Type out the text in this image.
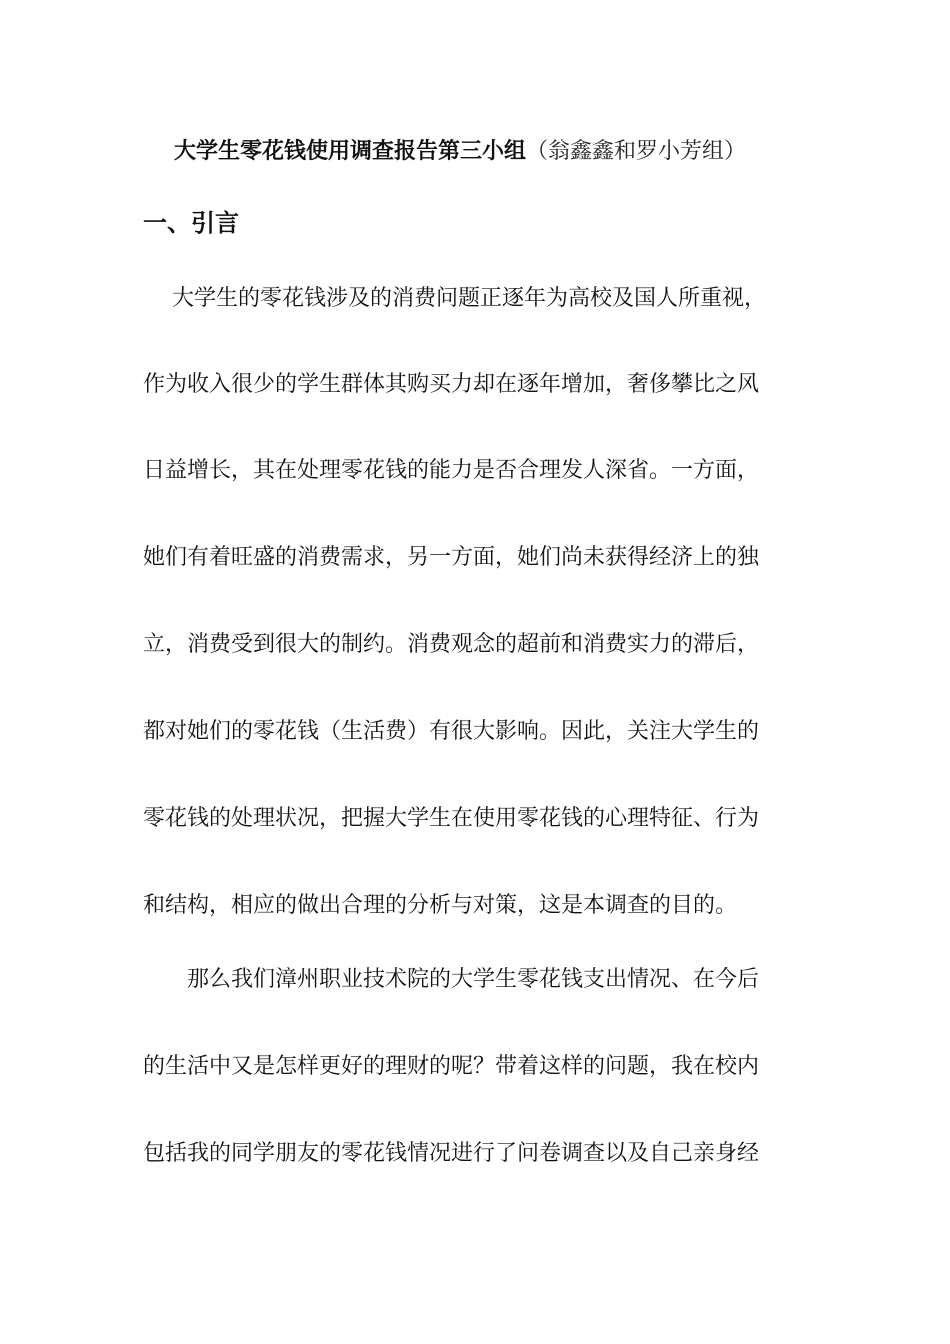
大学生零花钱使用调查报告第三小组（翁鑫鑫和罗小芳组）
一、引言
　 大学生的零花钱涉及的消费问题正逐年为高校及国人所重视，
作为收入很少的学生群体其购买力却在逐年增加，奢侈攀比之风
日益增长，其在处理零花钱的能力是否合理发人深省。一方面，
她们有着旺盛的消费需求，另一方面，她们尚未获得经济上的独
立，消费受到很大的制约。消费观念的超前和消费实力的滞后，
都对她们的零花钱（生活费）有很大影响。因此，关注大学生的
零花钱的处理状况，把握大学生在使用零花钱的心理特征、行为
和结构，相应的做出合理的分析与对策，这是本调查的目的。
　　那么我们漳州职业技术院的大学生零花钱支出情况、在今后
的生活中又是怎样更好的理财的呢？带着这样的问题，我在校内
包括我的同学朋友的零花钱情况进行了问卷调查以及自己亲身经
